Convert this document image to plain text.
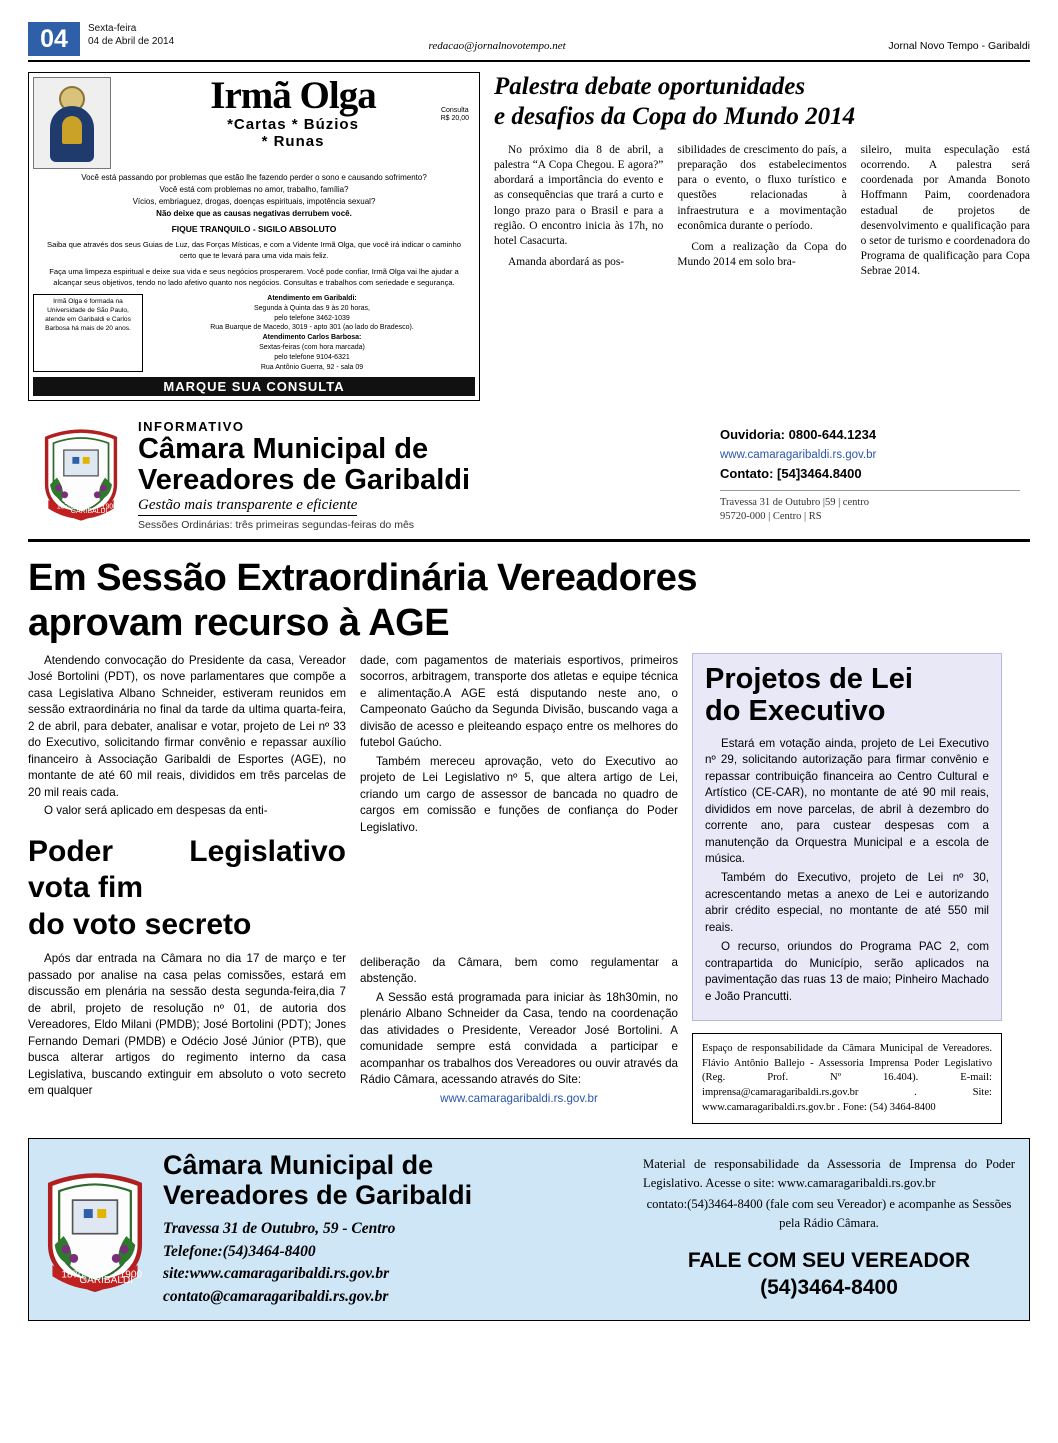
04	Sexta-feira
04 de Abril de 2014	redacao@jornalnovotempo.net	Jornal Novo Tempo - Garibaldi
Irmã Olga
*Cartas * Búzios
* Runas
Consulta
R$ 20,00
Você está passando por problemas que estão lhe fazendo perder o sono e causando sofrimento?
Você está com problemas no amor, trabalho, família?
Vícios, embriaguez, drogas, doenças espirituais, impotência sexual?
Não deixe que as causas negativas derrubem você.
FIQUE TRANQUILO - SIGILO ABSOLUTO
Saiba que através dos seus Guias de Luz, das Forças Místicas, e com a Vidente Irmã Olga, que você irá indicar o caminho certo que te levará para uma vida mais feliz.
Faça uma limpeza espiritual e deixe sua vida e seus negócios prosperarem. Você pode confiar, Irmã Olga vai lhe ajudar a alcançar seus objetivos, tendo no lado afetivo quanto nos negócios. Consultas e trabalhos com seriedade e segurança.
Irmã Olga é formada na Universidade de São Paulo, atende em Garibaldi e Carlos Barbosa há mais de 20 anos.
Atendimento em Garibaldi:
Segunda à Quinta das 9 às 20 horas,
pelo telefone 3462-1039
Rua Buarque de Macedo, 3019 - apto 301 (ao lado do Bradesco).
Atendimento Carlos Barbosa:
Sextas-feiras (com hora marcada)
pelo telefone 9104-6321
Rua Antônio Guerra, 92 - sala 09
MARQUE SUA CONSULTA
Palestra debate oportunidades
e desafios da Copa do Mundo 2014

No próximo dia 8 de abril, a palestra “A Copa Chegou. E agora?” abordará a importância do evento e as consequências que trará a curto e longo prazo para o Brasil e para a região. O encontro inicia às 17h, no hotel Casacurta.

Amanda abordará as pos-

sibilidades de crescimento do país, a preparação dos estabelecimentos para o evento, o fluxo turístico e questões relacionadas à infraestrutura e a movimentação econômica durante o período.

Com a realização da Copa do Mundo 2014 em solo bra-

sileiro, muita especulação está ocorrendo. A palestra será coordenada por Amanda Bonoto Hoffmann Paim, coordenadora estadual de projetos de desenvolvimento e qualificação para o setor de turismo e coordenadora do Programa de qualificação para Copa Sebrae 2014.

1870
GARIBALDI
1900
INFORMATIVO
Câmara Municipal de
Vereadores de Garibaldi
Gestão mais transparente e eficiente
Sessões Ordinárias: três primeiras segundas-feiras do mês
Ouvidoria: 0800-644.1234
www.camaragaribaldi.rs.gov.br
Contato: [54]3464.8400
Travessa 31 de Outubro |59 | centro
95720-000 | Centro | RS
Em Sessão Extraordinária Vereadores
aprovam recurso à AGE

Atendendo convocação do Presidente da casa, Vereador José Bortolini (PDT), os nove parlamentares que compõe a casa Legislativa Albano Schneider, estiveram reunidos em sessão extraordinária no final da tarde da ultima quarta-feira, 2 de abril, para debater, analisar e votar, projeto de Lei nº 33 do Executivo, solicitando firmar convênio e repassar auxílio financeiro à Associação Garibaldi de Esportes (AGE), no montante de até 60 mil reais, divididos em três parcelas de 20 mil reais cada.

O valor será aplicado em despesas da enti-

Poder Legislativo vota fim
do voto secreto

Após dar entrada na Câmara no dia 17 de março e ter passado por analise na casa pelas comissões, estará em discussão em plenária na sessão desta segunda-feira,dia 7 de abril, projeto de resolução nº 01, de autoria dos Vereadores, Eldo Milani (PMDB); José Bortolini (PDT); Jones Fernando Demari (PMDB) e Odécio José Júnior (PTB), que busca alterar artigos do regimento interno da casa Legislativa, buscando extinguir em absoluto o voto secreto em qualquer

dade, com pagamentos de materiais esportivos, primeiros socorros, arbitragem, transporte dos atletas e equipe técnica e alimentação.A AGE está disputando neste ano, o Campeonato Gaúcho da Segunda Divisão, buscando vaga a divisão de acesso e pleiteando espaço entre os melhores do futebol Gaúcho.

Também mereceu aprovação, veto do Executivo ao projeto de Lei Legislativo nº 5, que altera artigo de Lei, criando um cargo de assessor de bancada no quadro de cargos em comissão e funções de confiança do Poder Legislativo.

deliberação da Câmara, bem como regulamentar a abstenção.

A Sessão está programada para iniciar às 18h30min, no plenário Albano Schneider da Casa, tendo na coordenação das atividades o Presidente, Vereador José Bortolini. A comunidade sempre está convidada a participar e acompanhar os trabalhos dos Vereadores ou ouvir através da Rádio Câmara, acessando através do Site:

www.camaragaribaldi.rs.gov.br

Projetos de Lei
do Executivo

Estará em votação ainda, projeto de Lei Executivo nº 29, solicitando autorização para firmar convênio e repassar contribuição financeira ao Centro Cultural e Artístico (CE-CAR), no montante de até 90 mil reais, divididos em nove parcelas, de abril à dezembro do corrente ano, para custear despesas com a manutenção da Orquestra Municipal e a escola de música.

Também do Executivo, projeto de Lei nº 30, acrescentando metas a anexo de Lei e autorizando abrir crédito especial, no montante de até 550 mil reais.

O recurso, oriundos do Programa PAC 2, com contrapartida do Município, serão aplicados na pavimentação das ruas 13 de maio; Pinheiro Machado e João Prancutti.

Espaço de responsabilidade da Câmara Municipal de Vereadores. Flávio Antônio Ballejo - Assessoria Imprensa Poder Legislativo (Reg. Prof. Nº 16.404). E-mail: imprensa@camaragaribaldi.rs.gov.br . Site: www.camaragaribaldi.rs.gov.br . Fone: (54) 3464-8400
1870
GARIBALDI
1900
Câmara Municipal de
Vereadores de Garibaldi
Travessa 31 de Outubro, 59 - Centro
Telefone:(54)3464-8400
site:www.camaragaribaldi.rs.gov.br
contato@camaragaribaldi.rs.gov.br
Material de responsabilidade da Assessoria de Imprensa do Poder Legislativo. Acesse o site: www.camaragaribaldi.rs.gov.br
contato:(54)3464-8400 (fale com seu Vereador) e acompanhe as Sessões pela Rádio Câmara.
FALE COM SEU VEREADOR
(54)3464-8400
